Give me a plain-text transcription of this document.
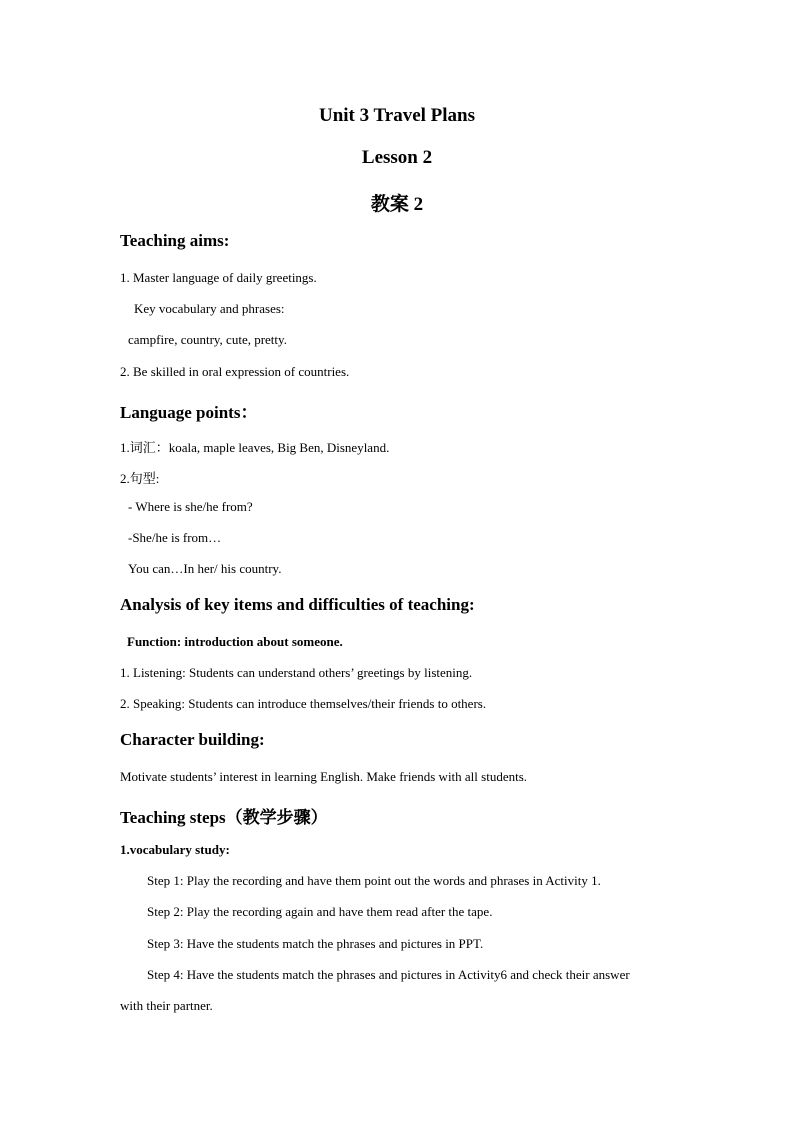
Unit 3 Travel Plans
Lesson 2
教案 2
Teaching aims:
1. Master language of daily greetings.
Key vocabulary and phrases:
campfire, country, cute, pretty.
2. Be skilled in oral expression of countries.
Language points：
1.词汇：koala, maple leaves, Big Ben, Disneyland.
2.句型:
- Where is she/he from?
-She/he is from…
You can…In her/ his country.
Analysis of key items and difficulties of teaching:
Function: introduction about someone.
1. Listening: Students can understand others’ greetings by listening.
2. Speaking: Students can introduce themselves/their friends to others.
Character building:
Motivate students’ interest in learning English. Make friends with all students.
Teaching steps（教学步骤）
1.vocabulary study:
Step 1: Play the recording and have them point out the words and phrases in Activity 1.
Step 2: Play the recording again and have them read after the tape.
Step 3: Have the students match the phrases and pictures in PPT.
Step 4: Have the students match the phrases and pictures in Activity6 and check their answer
with their partner.
